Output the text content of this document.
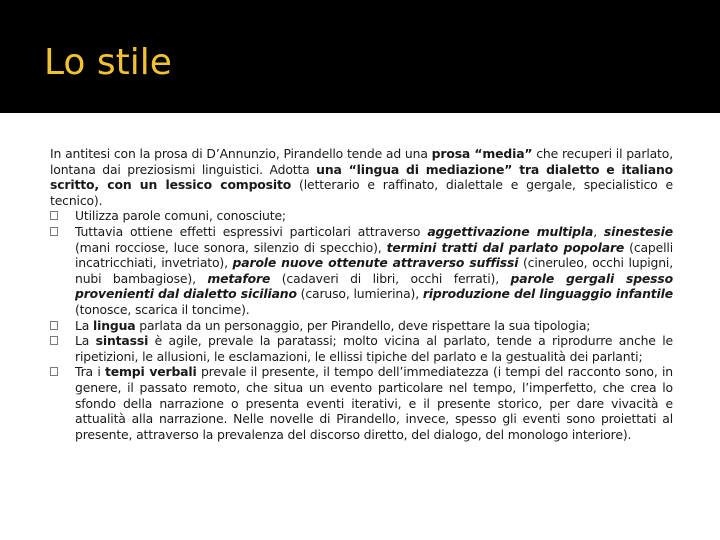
Lo stile

In antitesi con la prosa di D’Annunzio, Pirandello tende ad una prosa “media” che recuperi il parlato, lontana dai preziosismi linguistici. Adotta una “lingua di mediazione” tra dialetto e italiano scritto, con un lessico composito (letterario e raffinato, dialettale e gergale, specialistico e tecnico).

Utilizza parole comuni, conosciute;
Tuttavia ottiene effetti espressivi particolari attraverso aggettivazione multipla, sinestesie (mani rocciose, luce sonora, silenzio di specchio), termini tratti dal parlato popolare (capelli incatricchiati, invetriato), parole nuove ottenute attraverso suffissi (cineruleo, occhi lupigni, nubi bambagiose), metafore (cadaveri di libri, occhi ferrati), parole gergali spesso provenienti dal dialetto siciliano (caruso, lumierina), riproduzione del linguaggio infantile (tonosce, scarica il toncime).
La lingua parlata da un personaggio, per Pirandello, deve rispettare la sua tipologia;
La sintassi è agile, prevale la paratassi; molto vicina al parlato, tende a riprodurre anche le ripetizioni, le allusioni, le esclamazioni, le ellissi tipiche del parlato e la gestualità dei parlanti;
Tra i tempi verbali prevale il presente, il tempo dell’immediatezza (i tempi del racconto sono, in genere, il passato remoto, che situa un evento particolare nel tempo, l’imperfetto, che crea lo sfondo della narrazione o presenta eventi iterativi, e il presente storico, per dare vivacità e attualità alla narrazione. Nelle novelle di Pirandello, invece, spesso gli eventi sono proiettati al presente, attraverso la prevalenza del discorso diretto, del dialogo, del monologo interiore).
